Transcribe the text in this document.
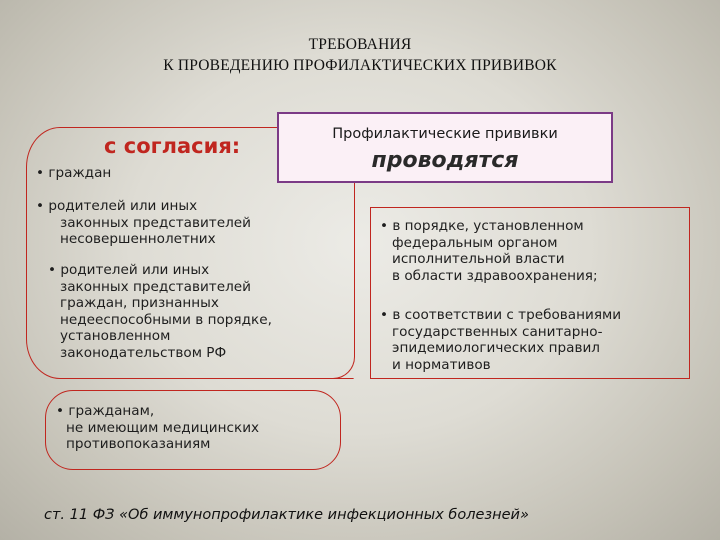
ТРЕБОВАНИЯ
К ПРОВЕДЕНИЮ ПРОФИЛАКТИЧЕСКИХ ПРИВИВОК
с согласия:
• граждан
• родителей или иных
законных представителей
несовершеннолетних
• родителей или иных
законных представителей
граждан, признанных
недееспособными в порядке,
установленном
законодательством РФ
Профилактические прививки
проводятся
• в порядке, установленном
федеральным органом
исполнительной власти
в области здравоохранения;
• в соответствии с требованиями
государственных санитарно-
эпидемиологических правил
и нормативов
• гражданам,
не имеющим медицинских
противопоказаниям
ст. 11 ФЗ «Об иммунопрофилактике инфекционных болезней»
